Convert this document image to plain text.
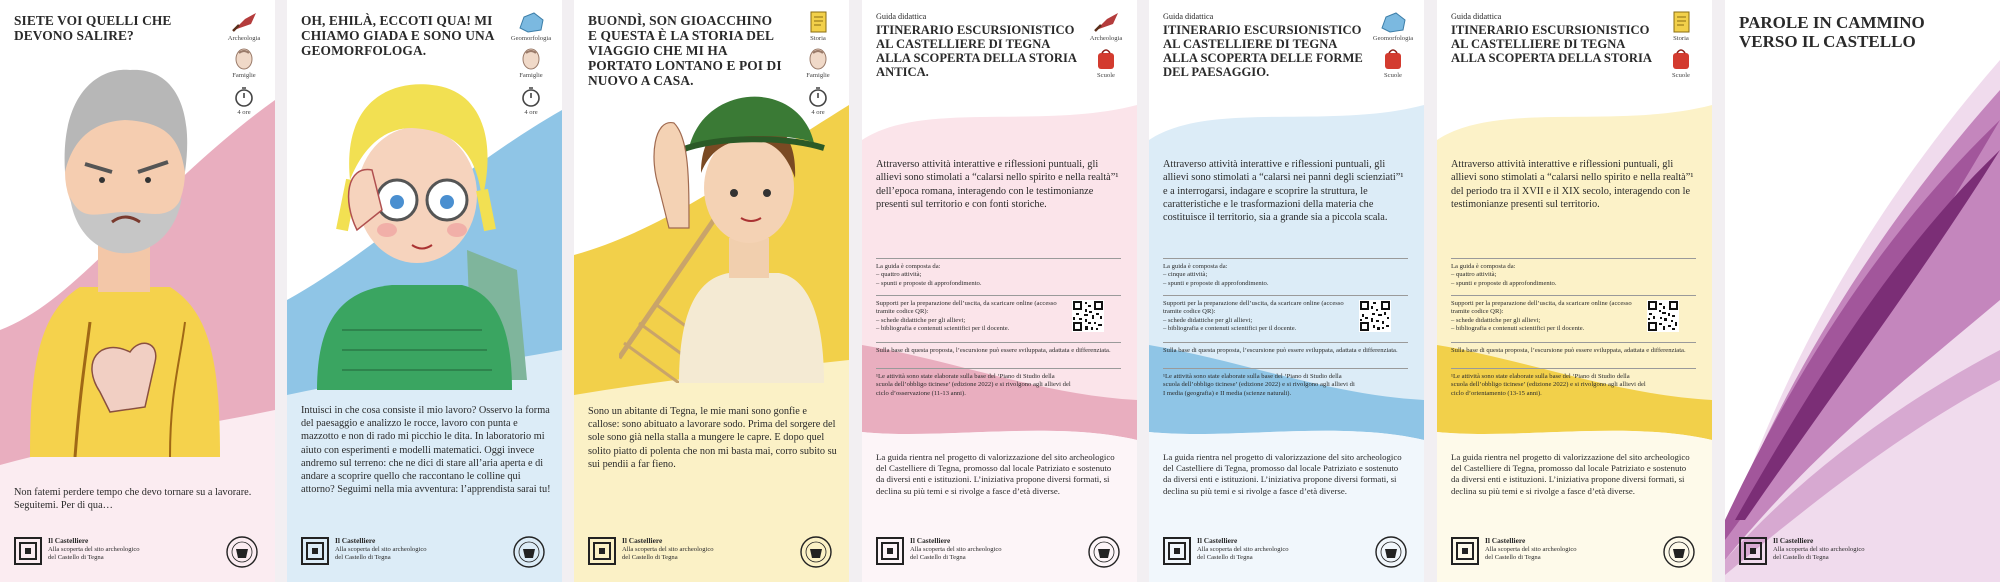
SIETE VOI QUELLI CHE DEVONO SALIRE?	Archeologia
Famiglie
4 ore
Non fatemi perdere tempo che devo tornare su a lavorare. Seguitemi. Per di qua…
Il Castelliere
Alla scoperta del sito archeologico
del Castello di Tegna
OH, EHILÀ, ECCOTI QUA! MI CHIAMO GIADA E SONO UNA GEOMORFOLOGA.
Geomorfologia
Famiglie
4 ore
Intuisci in che cosa consiste il mio lavoro? Osservo la forma del paesaggio e analizzo le rocce, lavoro con punta e mazzotto e non di rado mi picchio le dita. In laboratorio mi aiuto con esperimenti e modelli matematici. Oggi invece andremo sul terreno: che ne dici di stare all’aria aperta e di andare a scoprire quello che raccontano le colline qui attorno? Seguimi nella mia avventura: l’apprendista sarai tu!
Il Castelliere
Alla scoperta del sito archeologico
del Castello di Tegna
BUONDÌ, SON GIOACCHINO E QUESTA È LA STORIA DEL VIAGGIO CHE MI HA PORTATO LONTANO E POI DI NUOVO A CASA.
Storia
Famiglie
4 ore
Sono un abitante di Tegna, le mie mani sono gonfie e callose: sono abituato a lavorare sodo. Prima del sorgere del sole sono già nella stalla a mungere le capre. E dopo quel solito piatto di polenta che non mi basta mai, corro subito su sui pendii a far fieno.
Il Castelliere
Alla scoperta del sito archeologico
del Castello di Tegna
Guida didattica
ITINERARIO ESCURSIONISTICO AL CASTELLIERE DI TEGNA ALLA SCOPERTA DELLA STORIA ANTICA.
Archeologia
Scuole
Attraverso attività interattive e riflessioni puntuali, gli allievi sono stimolati a “calarsi nello spirito e nella realtà”¹ dell’epoca romana, interagendo con le testimonianze presenti sul territorio e con fonti storiche.
La guida è composta da:
– quattro attività;
– spunti e proposte di approfondimento.
Supporti per la preparazione dell’uscita, da scaricare online (accesso tramite codice QR):
– schede didattiche per gli allievi;
– bibliografia e contenuti scientifici per il docente.
Sulla base di questa proposta, l’escursione può essere sviluppata, adattata e differenziata.
¹Le attività sono state elaborate sulla base del ‘Piano di Studio della scuola dell’obbligo ticinese’ (edizione 2022) e si rivolgono agli allievi del ciclo d’osservazione (11-13 anni).
La guida rientra nel progetto di valorizzazione del sito archeologico del Castelliere di Tegna, promosso dal locale Patriziato e sostenuto da diversi enti e istituzioni. L’iniziativa propone diversi formati, si declina su più temi e si rivolge a fasce d’età diverse.
Il Castelliere
Alla scoperta del sito archeologico
del Castello di Tegna
Guida didattica
ITINERARIO ESCURSIONISTICO AL CASTELLIERE DI TEGNA ALLA SCOPERTA DELLE FORME DEL PAESAGGIO.
Geomorfologia
Scuole
Attraverso attività interattive e riflessioni puntuali, gli allievi sono stimolati a “calarsi nei panni degli scienziati”¹ e a interrogarsi, indagare e scoprire la struttura, le caratteristiche e le trasformazioni della materia che costituisce il territorio, sia a grande sia a piccola scala.
La guida è composta da:
– cinque attività;
– spunti e proposte di approfondimento.
Supporti per la preparazione dell’uscita, da scaricare online (accesso tramite codice QR):
– schede didattiche per gli allievi;
– bibliografia e contenuti scientifici per il docente.
Sulla base di questa proposta, l’escursione può essere sviluppata, adattata e differenziata.
¹Le attività sono state elaborate sulla base del ‘Piano di Studio della scuola dell’obbligo ticinese’ (edizione 2022) e si rivolgono agli allievi di I media (geografia) e II media (scienze naturali).
La guida rientra nel progetto di valorizzazione del sito archeologico del Castelliere di Tegna, promosso dal locale Patriziato e sostenuto da diversi enti e istituzioni. L’iniziativa propone diversi formati, si declina su più temi e si rivolge a fasce d’età diverse.
Il Castelliere
Alla scoperta del sito archeologico
del Castello di Tegna
Guida didattica
ITINERARIO ESCURSIONISTICO AL CASTELLIERE DI TEGNA ALLA SCOPERTA DELLA STORIA
Storia
Scuole
Attraverso attività interattive e riflessioni puntuali, gli allievi sono stimolati a “calarsi nello spirito e nella realtà”¹ del periodo tra il XVII e il XIX secolo, interagendo con le testimonianze presenti sul territorio.
La guida è composta da:
– quattro attività;
– spunti e proposte di approfondimento.
Supporti per la preparazione dell’uscita, da scaricare online (accesso tramite codice QR):
– schede didattiche per gli allievi;
– bibliografia e contenuti scientifici per il docente.
Sulla base di questa proposta, l’escursione può essere sviluppata, adattata e differenziata.
¹Le attività sono state elaborate sulla base del ‘Piano di Studio della scuola dell’obbligo ticinese’ (edizione 2022) e si rivolgono agli allievi del ciclo d’orientamento (13-15 anni).
La guida rientra nel progetto di valorizzazione del sito archeologico del Castelliere di Tegna, promosso dal locale Patriziato e sostenuto da diversi enti e istituzioni. L’iniziativa propone diversi formati, si declina su più temi e si rivolge a fasce d’età diverse.
Il Castelliere
Alla scoperta del sito archeologico
del Castello di Tegna
PAROLE IN CAMMINO VERSO IL CASTELLO
Il Castelliere
Alla scoperta del sito archeologico
del Castello di Tegna
